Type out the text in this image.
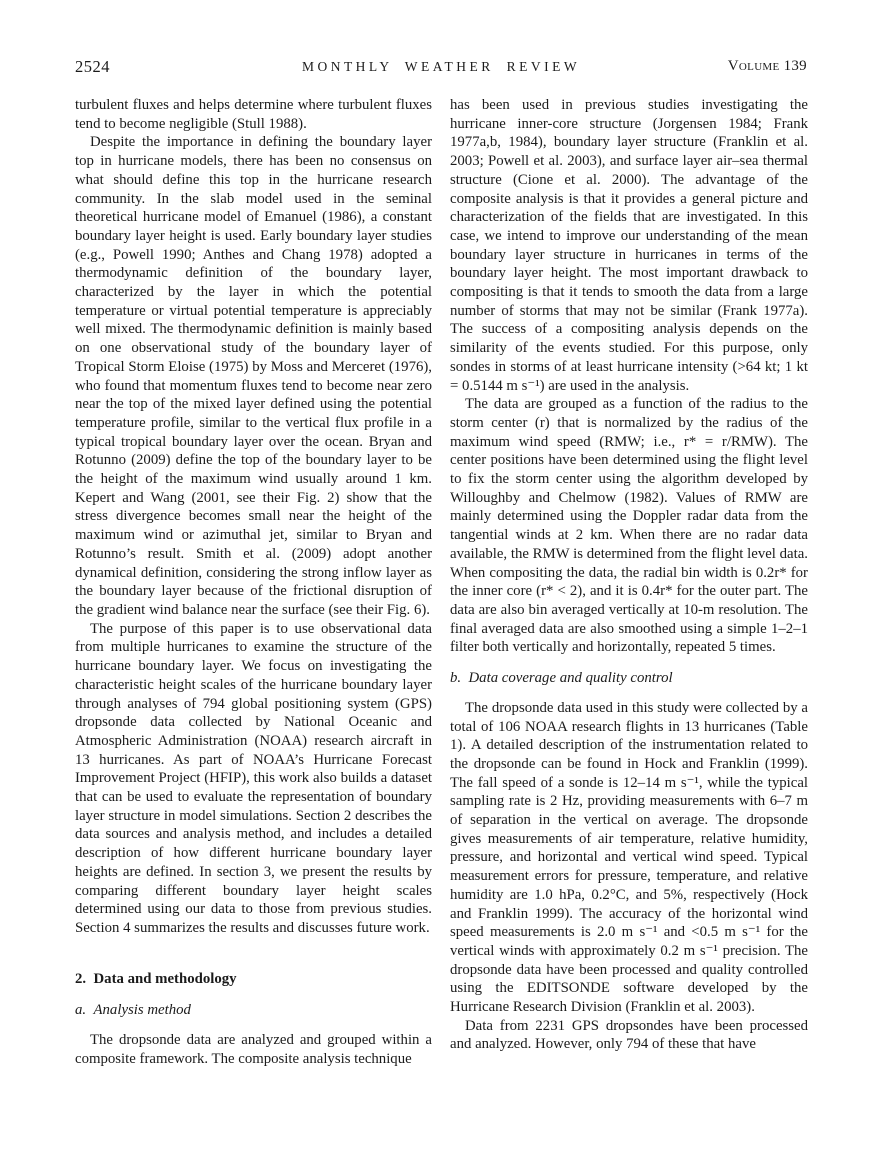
2524	MONTHLY WEATHER REVIEW	Volume 139

turbulent fluxes and helps determine where turbulent fluxes tend to become negligible (Stull 1988).

Despite the importance in defining the boundary layer top in hurricane models, there has been no consensus on what should define this top in the hurricane research community. In the slab model used in the seminal theoretical hurricane model of Emanuel (1986), a constant boundary layer height is used. Early boundary layer studies (e.g., Powell 1990; Anthes and Chang 1978) adopted a thermodynamic definition of the boundary layer, characterized by the layer in which the potential temperature or virtual potential temperature is appreciably well mixed. The thermodynamic definition is mainly based on one observational study of the boundary layer of Tropical Storm Eloise (1975) by Moss and Merceret (1976), who found that momentum fluxes tend to become near zero near the top of the mixed layer defined using the potential temperature profile, similar to the vertical flux profile in a typical tropical boundary layer over the ocean. Bryan and Rotunno (2009) define the top of the boundary layer to be the height of the maximum wind usually around 1 km. Kepert and Wang (2001, see their Fig. 2) show that the stress divergence becomes small near the height of the maximum wind or azimuthal jet, similar to Bryan and Rotunno’s result. Smith et al. (2009) adopt another dynamical definition, considering the strong inflow layer as the boundary layer because of the frictional disruption of the gradient wind balance near the surface (see their Fig. 6).

The purpose of this paper is to use observational data from multiple hurricanes to examine the structure of the hurricane boundary layer. We focus on investigating the characteristic height scales of the hurricane boundary layer through analyses of 794 global positioning system (GPS) dropsonde data collected by National Oceanic and Atmospheric Administration (NOAA) research aircraft in 13 hurricanes. As part of NOAA’s Hurricane Forecast Improvement Project (HFIP), this work also builds a dataset that can be used to evaluate the representation of boundary layer structure in model simulations. Section 2 describes the data sources and analysis method, and includes a detailed description of how different hurricane boundary layer heights are defined. In section 3, we present the results by comparing different boundary layer height scales determined using our data to those from previous studies. Section 4 summarizes the results and discusses future work.

2. Data and methodology
a. Analysis method

The dropsonde data are analyzed and grouped within a composite framework. The composite analysis technique

has been used in previous studies investigating the hurricane inner-core structure (Jorgensen 1984; Frank 1977a,b, 1984), boundary layer structure (Franklin et al. 2003; Powell et al. 2003), and surface layer air–sea thermal structure (Cione et al. 2000). The advantage of the composite analysis is that it provides a general picture and characterization of the fields that are investigated. In this case, we intend to improve our understanding of the mean boundary layer structure in hurricanes in terms of the boundary layer height. The most important drawback to compositing is that it tends to smooth the data from a large number of storms that may not be similar (Frank 1977a). The success of a compositing analysis depends on the similarity of the events studied. For this purpose, only sondes in storms of at least hurricane intensity (>64 kt; 1 kt = 0.5144 m s⁻¹) are used in the analysis.

The data are grouped as a function of the radius to the storm center (r) that is normalized by the radius of the maximum wind speed (RMW; i.e., r* = r/RMW). The center positions have been determined using the flight level to fix the storm center using the algorithm developed by Willoughby and Chelmow (1982). Values of RMW are mainly determined using the Doppler radar data from the tangential winds at 2 km. When there are no radar data available, the RMW is determined from the flight level data. When compositing the data, the radial bin width is 0.2r* for the inner core (r* < 2), and it is 0.4r* for the outer part. The data are also bin averaged vertically at 10-m resolution. The final averaged data are also smoothed using a simple 1–2–1 filter both vertically and horizontally, repeated 5 times.

b. Data coverage and quality control

The dropsonde data used in this study were collected by a total of 106 NOAA research flights in 13 hurricanes (Table 1). A detailed description of the instrumentation related to the dropsonde can be found in Hock and Franklin (1999). The fall speed of a sonde is 12–14 m s⁻¹, while the typical sampling rate is 2 Hz, providing measurements with 6–7 m of separation in the vertical on average. The dropsonde gives measurements of air temperature, relative humidity, pressure, and horizontal and vertical wind speed. Typical measurement errors for pressure, temperature, and relative humidity are 1.0 hPa, 0.2°C, and 5%, respectively (Hock and Franklin 1999). The accuracy of the horizontal wind speed measurements is 2.0 m s⁻¹ and <0.5 m s⁻¹ for the vertical winds with approximately 0.2 m s⁻¹ precision. The dropsonde data have been processed and quality controlled using the EDITSONDE software developed by the Hurricane Research Division (Franklin et al. 2003).

Data from 2231 GPS dropsondes have been processed and analyzed. However, only 794 of these that have
